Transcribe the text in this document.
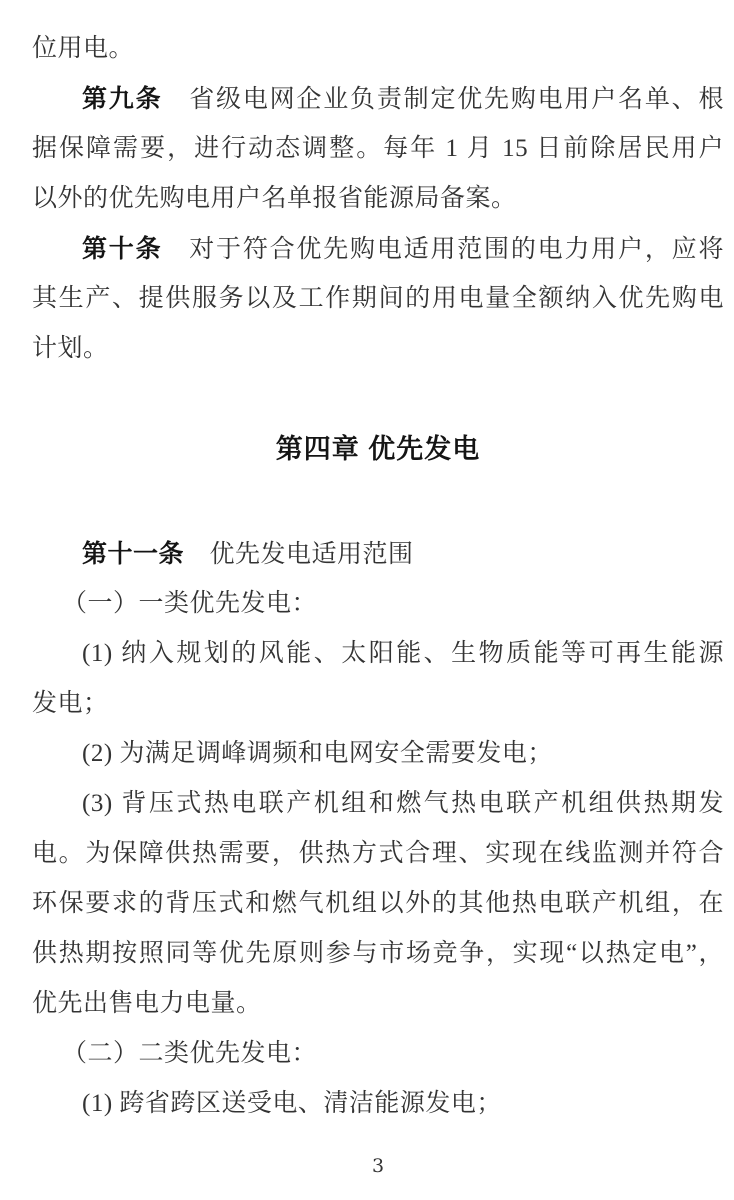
位用电。
第九条　省级电网企业负责制定优先购电用户名单、根
据保障需要，进行动态调整。每年 1 月 15 日前除居民用户
以外的优先购电用户名单报省能源局备案。
第十条　对于符合优先购电适用范围的电力用户，应将
其生产、提供服务以及工作期间的用电量全额纳入优先购电
计划。
第四章 优先发电
第十一条　优先发电适用范围
（一）一类优先发电：
(1) 纳入规划的风能、太阳能、生物质能等可再生能源
发电；
(2) 为满足调峰调频和电网安全需要发电；
(3) 背压式热电联产机组和燃气热电联产机组供热期发
电。为保障供热需要，供热方式合理、实现在线监测并符合
环保要求的背压式和燃气机组以外的其他热电联产机组，在
供热期按照同等优先原则参与市场竞争，实现“以热定电”，
优先出售电力电量。
（二）二类优先发电：
(1) 跨省跨区送受电、清洁能源发电；
3
